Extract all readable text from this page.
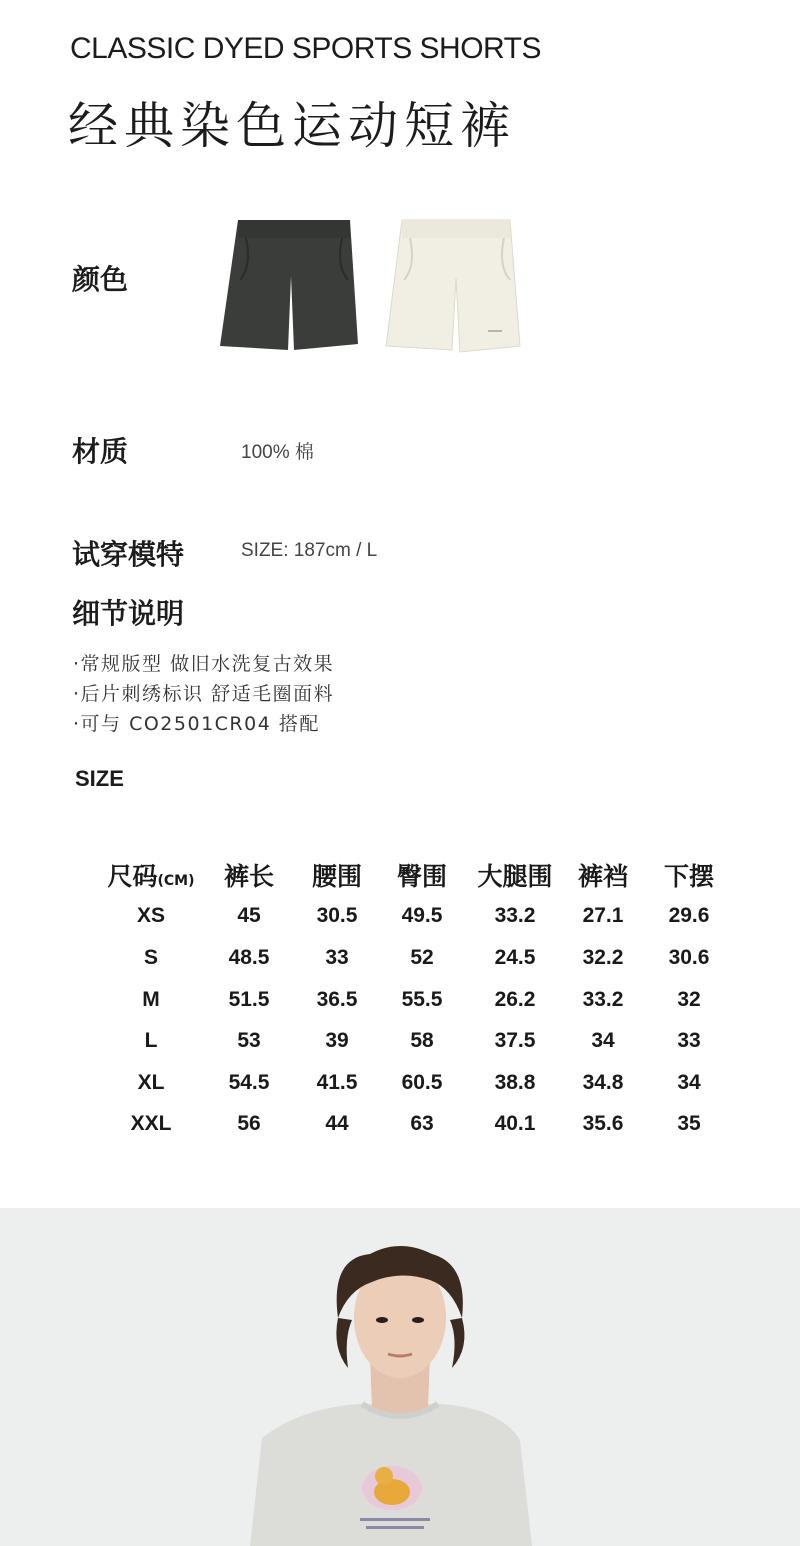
CLASSIC DYED SPORTS SHORTS
经典染色运动短裤
颜色
材质	100% 棉
试穿模特	SIZE: 187cm / L
细节说明
·常规版型 做旧水洗复古效果
·后片刺绣标识 舒适毛圈面料
·可与 CO2501CR04 搭配
SIZE
尺码(CM)	裤长	腰围	臀围	大腿围	裤裆	下摆
XS	45	30.5	49.5	33.2	27.1	29.6
S	48.5	33	52	24.5	32.2	30.6
M	51.5	36.5	55.5	26.2	33.2	32
L	53	39	58	37.5	34	33
XL	54.5	41.5	60.5	38.8	34.8	34
XXL	56	44	63	40.1	35.6	35
